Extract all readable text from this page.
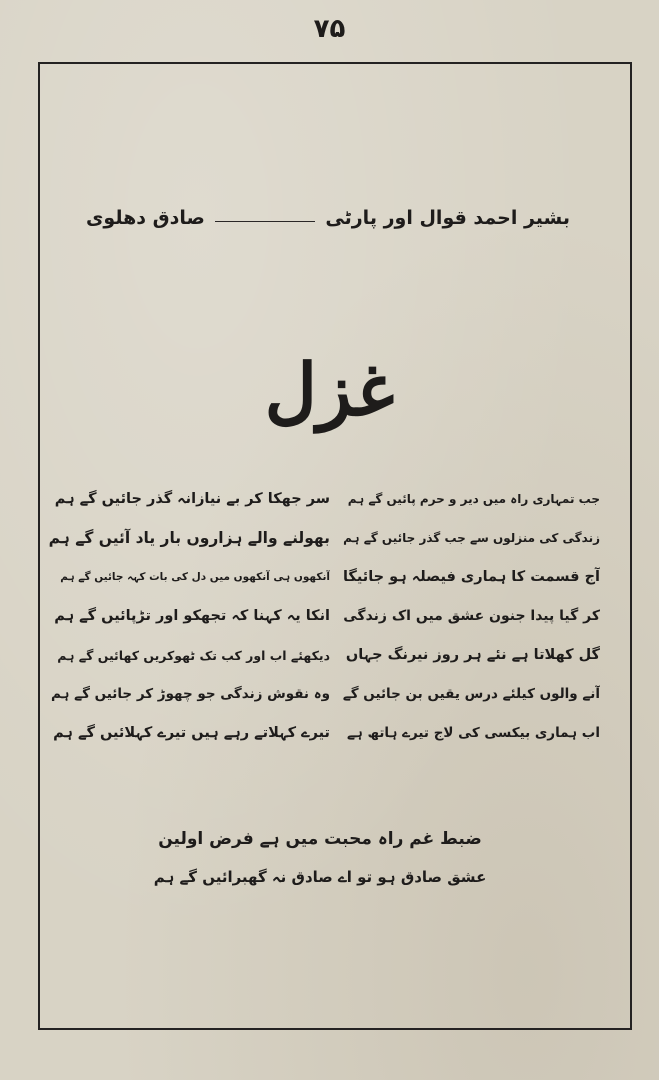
۷۵
بشیر احمد قوال اور پارٹی
صادق دھلوی
غزل
جب تمہاری راہ میں دیر و حرم پائیں گے ہم
زندگی کی منزلوں سے جب گذر جائیں گے ہم
آج قسمت کا ہماری فیصلہ ہو جائیگا
کر گیا پیدا جنون عشق میں اک زندگی
گل کھلاتا ہے نئے ہر روز نیرنگ جہاں
آنے والوں کیلئے درس یقیں بن جائیں گے
اب ہماری بیکسی کی لاج تیرے ہاتھ ہے
سر جھکا کر بے نیازانہ گذر جائیں گے ہم
بھولنے والے ہزاروں بار یاد آئیں گے ہم
آنکھوں ہی آنکھوں میں دل کی بات کہہ جائیں گے ہم
انکا یہ کہنا کہ تجھکو اور تڑپائیں گے ہم
دیکھئے اب اور کب تک ٹھوکریں کھائیں گے ہم
وہ نقوش زندگی جو چھوڑ کر جائیں گے ہم
تیرے کہلاتے رہے ہیں تیرے کہلائیں گے ہم
ضبط غم راہ محبت میں ہے فرض اولین
عشق صادق ہو تو اے صادق نہ گھبرائیں گے ہم
